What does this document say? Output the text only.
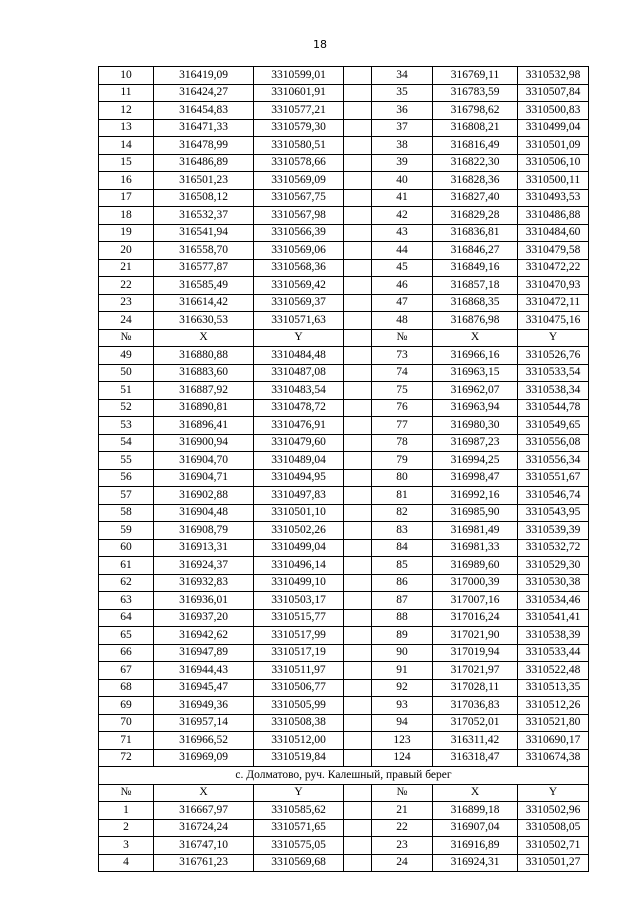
18
10	316419,09	3310599,01		34	316769,11	3310532,98
11	316424,27	3310601,91		35	316783,59	3310507,84
12	316454,83	3310577,21		36	316798,62	3310500,83
13	316471,33	3310579,30		37	316808,21	3310499,04
14	316478,99	3310580,51		38	316816,49	3310501,09
15	316486,89	3310578,66		39	316822,30	3310506,10
16	316501,23	3310569,09		40	316828,36	3310500,11
17	316508,12	3310567,75		41	316827,40	3310493,53
18	316532,37	3310567,98		42	316829,28	3310486,88
19	316541,94	3310566,39		43	316836,81	3310484,60
20	316558,70	3310569,06		44	316846,27	3310479,58
21	316577,87	3310568,36		45	316849,16	3310472,22
22	316585,49	3310569,42		46	316857,18	3310470,93
23	316614,42	3310569,37		47	316868,35	3310472,11
24	316630,53	3310571,63		48	316876,98	3310475,16
№	X	Y		№	X	Y
49	316880,88	3310484,48		73	316966,16	3310526,76
50	316883,60	3310487,08		74	316963,15	3310533,54
51	316887,92	3310483,54		75	316962,07	3310538,34
52	316890,81	3310478,72		76	316963,94	3310544,78
53	316896,41	3310476,91		77	316980,30	3310549,65
54	316900,94	3310479,60		78	316987,23	3310556,08
55	316904,70	3310489,04		79	316994,25	3310556,34
56	316904,71	3310494,95		80	316998,47	3310551,67
57	316902,88	3310497,83		81	316992,16	3310546,74
58	316904,48	3310501,10		82	316985,90	3310543,95
59	316908,79	3310502,26		83	316981,49	3310539,39
60	316913,31	3310499,04		84	316981,33	3310532,72
61	316924,37	3310496,14		85	316989,60	3310529,30
62	316932,83	3310499,10		86	317000,39	3310530,38
63	316936,01	3310503,17		87	317007,16	3310534,46
64	316937,20	3310515,77		88	317016,24	3310541,41
65	316942,62	3310517,99		89	317021,90	3310538,39
66	316947,89	3310517,19		90	317019,94	3310533,44
67	316944,43	3310511,97		91	317021,97	3310522,48
68	316945,47	3310506,77		92	317028,11	3310513,35
69	316949,36	3310505,99		93	317036,83	3310512,26
70	316957,14	3310508,38		94	317052,01	3310521,80
71	316966,52	3310512,00		123	316311,42	3310690,17
72	316969,09	3310519,84		124	316318,47	3310674,38
с. Долматово, руч. Калешный, правый берег						
№	X	Y		№	X	Y
1	316667,97	3310585,62		21	316899,18	3310502,96
2	316724,24	3310571,65		22	316907,04	3310508,05
3	316747,10	3310575,05		23	316916,89	3310502,71
4	316761,23	3310569,68		24	316924,31	3310501,27
